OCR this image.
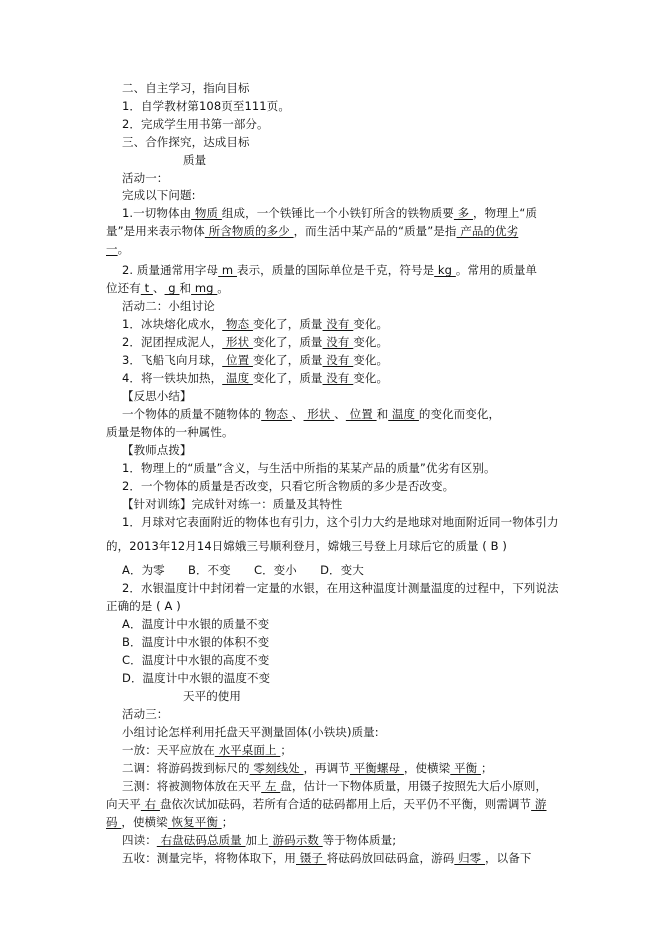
二、自主学习，指向目标
1．自学教材第108页至111页。
2．完成学生用书第一部分。
三、合作探究，达成目标
质量
活动一：
完成以下问题:
1.一切物体由 物质 组成，一个铁锤比一个小铁钉所含的铁物质要 多 ，物理上“质
量”是用来表示物体 所含物质的多少 ，而生活中某产品的“质量”是指 产品的优劣
一。
2. 质量通常用字母 m 表示，质量的国际单位是千克，符号是 kg 。常用的质量单
位还有 t 、 g 和 mg 。
活动二：小组讨论
1．冰块熔化成水， 物态 变化了，质量 没有 变化。
2．泥团捏成泥人， 形状 变化了，质量 没有 变化。
3．飞船飞向月球， 位置 变化了，质量 没有 变化。
4．将一铁块加热， 温度 变化了，质量 没有 变化。
【反思小结】
一个物体的质量不随物体的 物态 、 形状 、 位置 和 温度 的变化而变化，
质量是物体的一种属性。
【教师点拨】
1．物理上的“质量”含义，与生活中所指的某某产品的质量”优劣有区别。
2．一个物体的质量是否改变，只看它所含物质的多少是否改变。
【针对训练】完成针对练一：质量及其特性
1．月球对它表面附近的物体也有引力，这个引力大约是地球对地面附近同一物体引力
的，2013年12月14日嫦娥三号顺利登月，嫦娥三号登上月球后它的质量 ( B )
A．为零　　B．不变　　C．变小　　D．变大
2．水银温度计中封闭着一定量的水银，在用这种温度计测量温度的过程中，下列说法
正确的是 ( A )
A．温度计中水银的质量不变
B．温度计中水银的体积不变
C．温度计中水银的高度不变
D．温度计中水银的温度不变
天平的使用
活动三：
小组讨论怎样利用托盘天平测量固体(小铁块)质量:
一放：天平应放在 水平桌面上 ；
二调：将游码拨到标尺的 零刻线处 ，再调节 平衡螺母 ，使横梁 平衡 ；
三测：将被测物体放在天平 左 盘，估计一下物体质量，用镊子按照先大后小原则，
向天平 右 盘依次试加砝码，若所有合适的砝码都用上后，天平仍不平衡，则需调节 游
码 ，使横梁 恢复平衡 ；
四读： 右盘砝码总质量 加上 游码示数 等于物体质量;
五收：测量完毕，将物体取下，用 镊子 将砝码放回砝码盒，游码 归零 ，以备下
